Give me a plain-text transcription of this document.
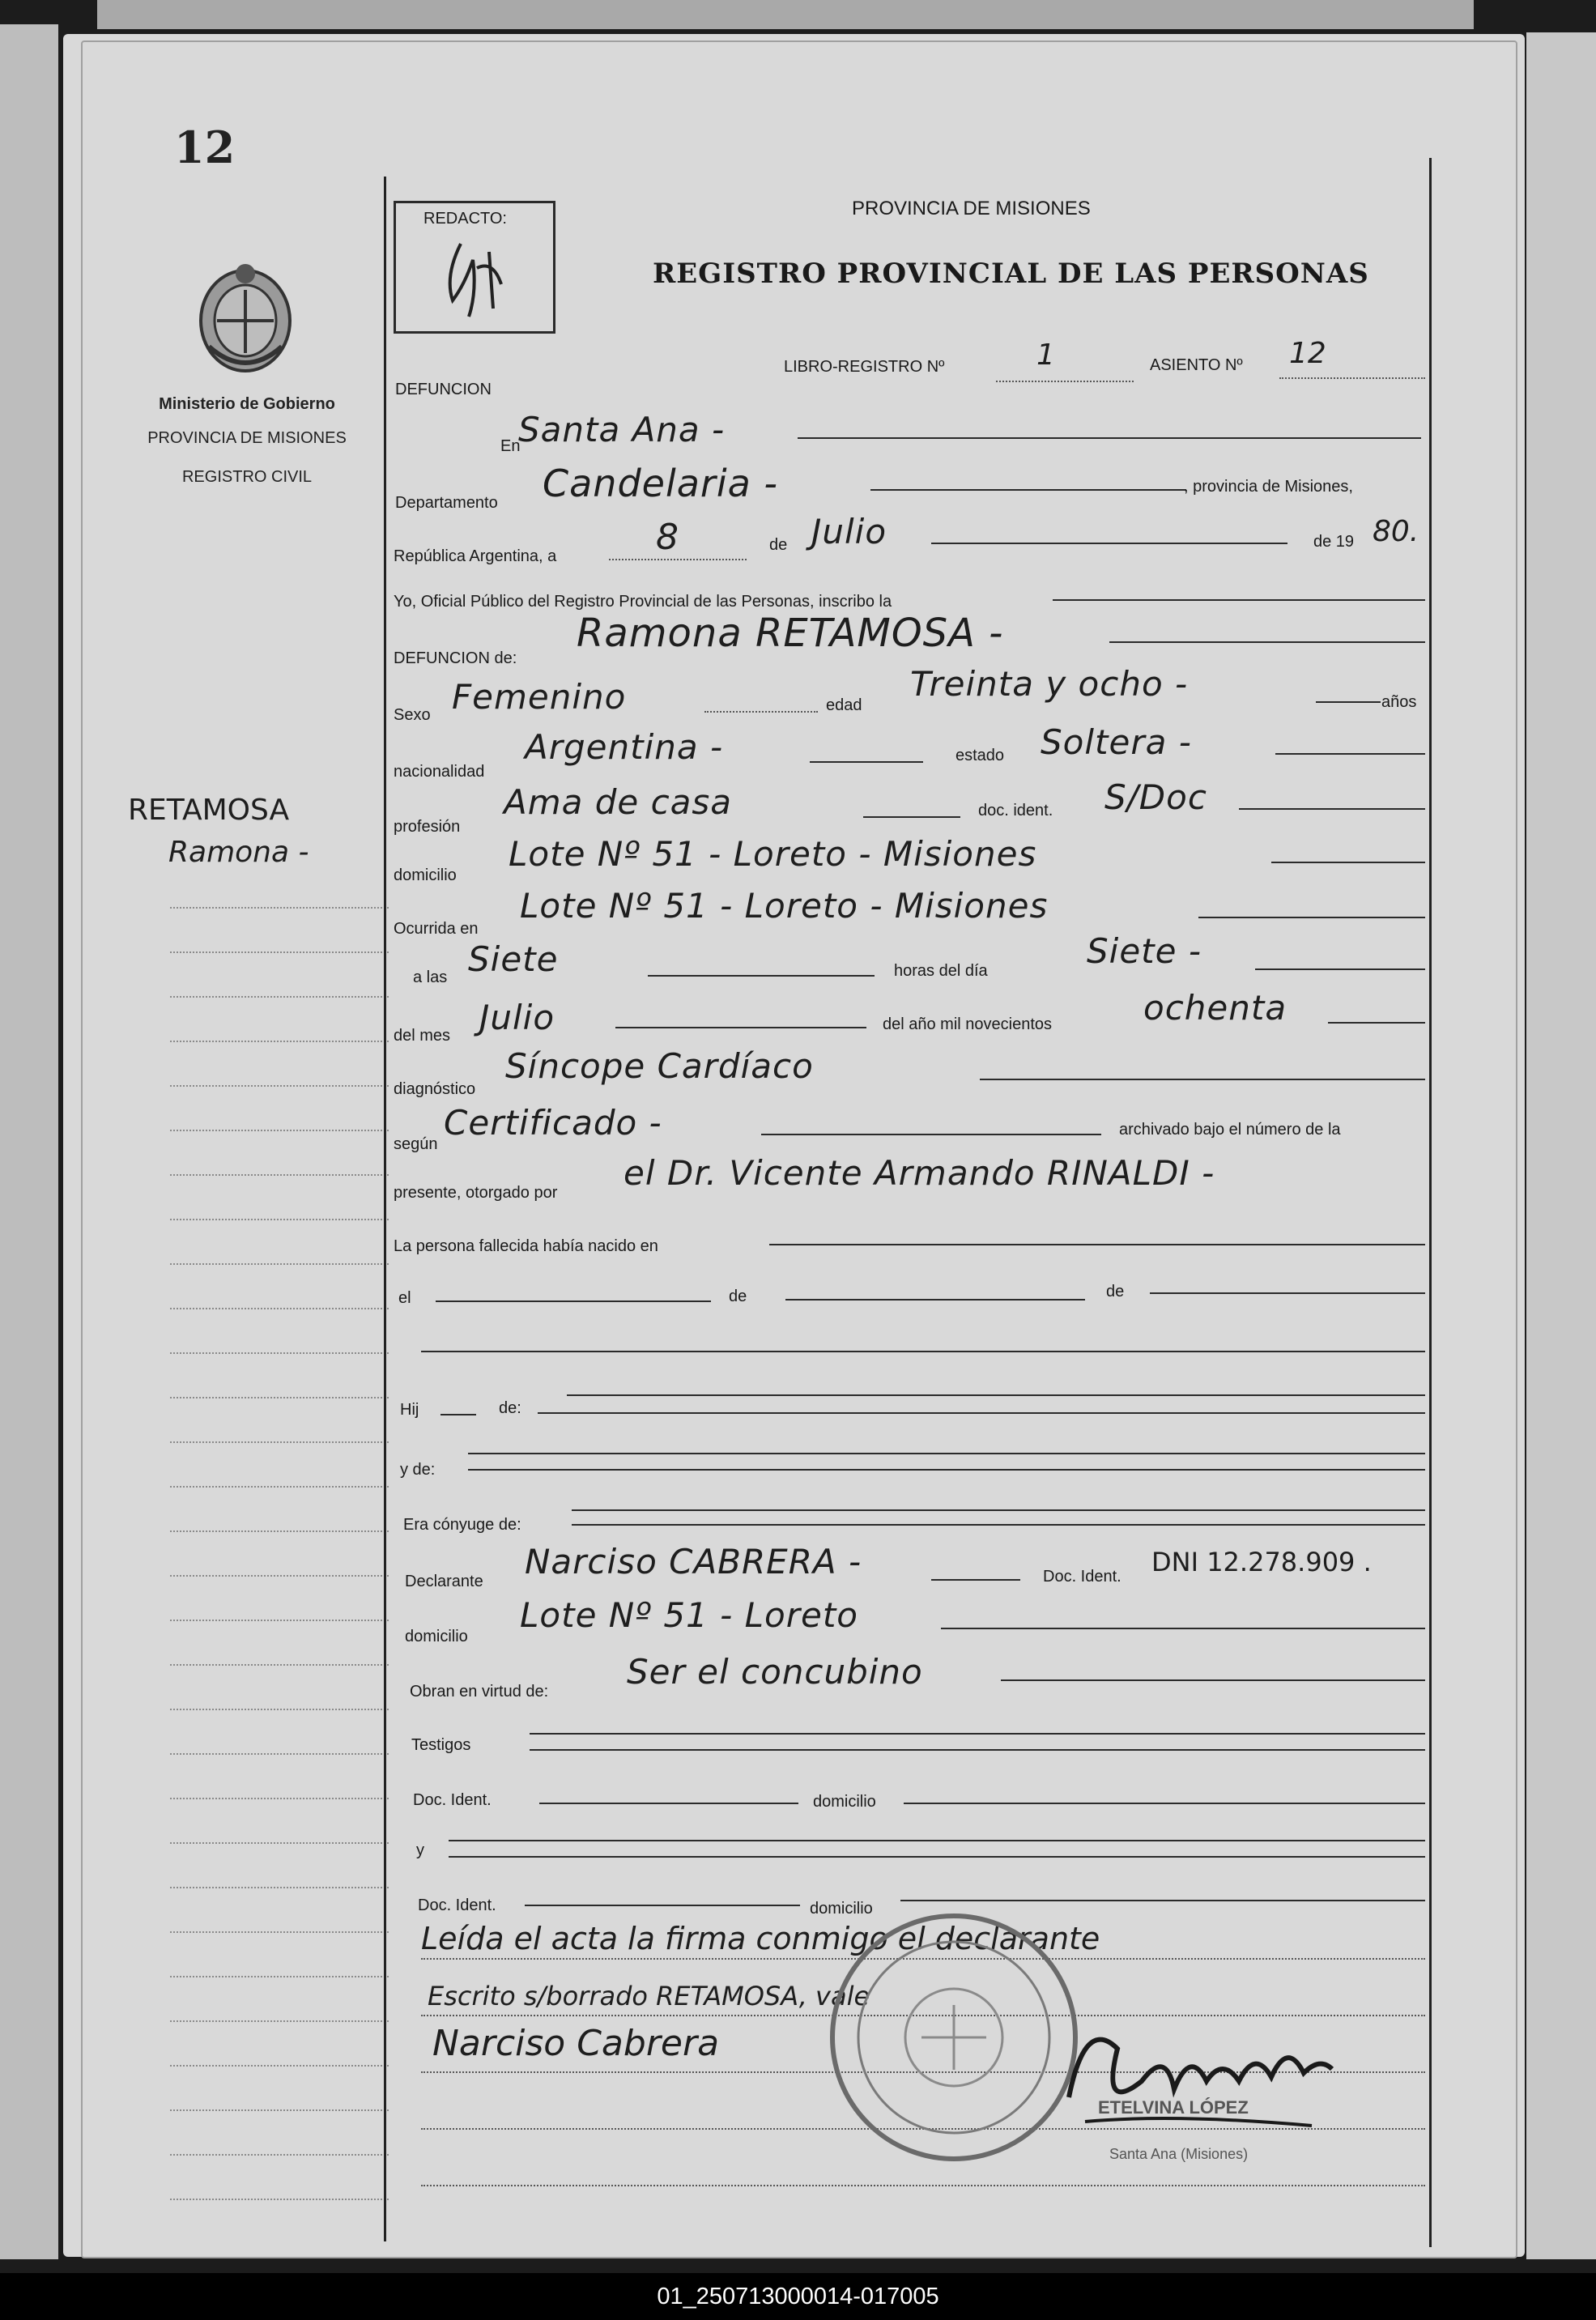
12
Ministerio de Gobierno
PROVINCIA DE MISIONES
REGISTRO CIVIL
RETAMOSA
Ramona -
REDACTO:	PROVINCIA DE MISIONES
REGISTRO PROVINCIAL DE LAS PERSONAS
LIBRO-REGISTRO Nº	1	ASIENTO Nº 12
DEFUNCION
En
Santa Ana -
Departamento Candelaria -	, provincia de Misiones,
República Argentina, a	8	de Julio	de 19 80.
Yo, Oficial Público del Registro Provincial de las Personas, inscribo la
DEFUNCION de:
Ramona RETAMOSA -
Sexo Femenino	edad
Treinta y ocho -	años
nacionalidad
Argentina -	estado Soltera -
profesión
Ama de casa	doc. ident. S/Doc
domicilio
Lote Nº 51 - Loreto - Misiones
Ocurrida en
Lote Nº 51 - Loreto - Misiones
a las Siete	horas del día	Siete -
del mes Julio	del año mil novecientos	ochenta
diagnóstico
Síncope Cardíaco
según
Certificado -	archivado bajo el número de la
presente, otorgado por el Dr. Vicente Armando RINALDI -
La persona fallecida había nacido en
el	de	de
Hij	de:
y de:
Era cónyuge de:
Declarante Narciso CABRERA -	Doc. Ident. DNI 12.278.909 .
domicilio
Lote Nº 51 - Loreto
Obran en virtud de: Ser el concubino
Testigos
Doc. Ident.	domicilio
y
Doc. Ident.	domicilio
Leída el acta la firma conmigo el declarante
Escrito s/borrado RETAMOSA, vale
Narciso Cabrera
ETELVINA LÓPEZ
Santa Ana (Misiones)
01_250713000014-017005
